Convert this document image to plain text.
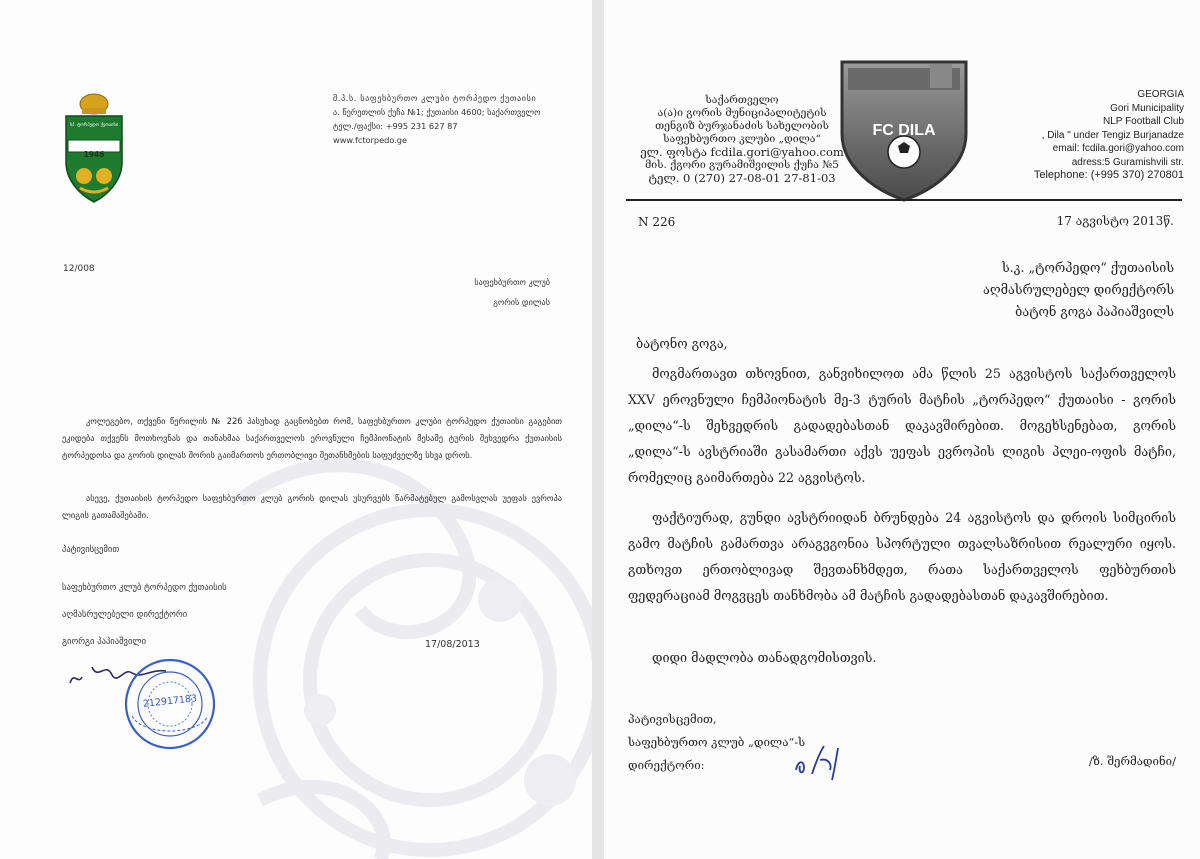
სპ. ტორპედო ქუთაისი
1946
შ.პ.ს. საფეხბურთო კლუბი ტორპედო ქუთაისი
ა. წერეთლის ქუჩა №1; ქუთაისი 4600; საქართველო
ტელ./ფაქსი: +995 231 627 87
www.fctorpedo.ge
12/008
საფეხბურთო კლუბ
გორის დილას
კოლეგებო, თქვენი წერილის № 226 პასუხად გაცნობებთ რომ, საფეხბურთო კლუბი ტორპედო ქუთაისი გაგებით ეკიდება თქვენს მოთხოვნას და თანახმაა საქართველოს ეროვნული ჩემპიონატის მესამე ტურის შეხვედრა ქუთაისის ტორპედოსა და გორის დილას შორის გაიმართოს ერთობლივი შეთანხმების საფუძველზე სხვა დროს.
ასევე, ქუთაისის ტორპედო საფეხბურთო კლუბ გორის დილას უსურვებს წარმატებულ გამოსვლას უეფას ევროპა ლიგის გათამაშებაში.
პატივისცემით
საფეხბურთო კლუბ ტორპედო ქუთაისის
აღმასრულებელი დირექტორი
გიორგი პაპიაშვილი	17/08/2013
212917183
საქართველო
ა(ა)ი გორის მუნიციპალიტეტის
თენგიზ ბურჯანაძის სახელობის
საფეხბურთო კლუბი „დილა“
ელ. ფოსტა fcdila.gori@yahoo.com
მის. ქგორი გურამიშვილის ქუჩა №5
ტელ. 0 (270) 27-08-01 27-81-03
FC DILA
GEORGIA
Gori Municipality
NLP Football Club
, Dila " under Tengiz Burjanadze
email: fcdila.gori@yahoo.com
adress:5 Guramishvili str.
Telephone: (+995 370) 270801
N 226	17 აგვისტო 2013წ.
ს.კ. „ტორპედო“ ქუთაისის
აღმასრულებელ დირექტორს
ბატონ გოგა პაპიაშვილს
ბატონო გოგა,
მოგმართავთ თხოვნით, განვიხილოთ ამა წლის 25 აგვისტოს საქართველოს XXV ეროვნული ჩემპიონატის მე-3 ტურის მატჩის „ტორპედო“ ქუთაისი - გორის „დილა“-ს შეხვედრის გადადებასთან დაკავშირებით. მოგეხსენებათ, გორის „დილა“-ს ავსტრიაში გასამართი აქვს უეფას ევროპის ლიგის პლეი-ოფის მატჩი, რომელიც გაიმართება 22 აგვისტოს.
ფაქტიურად, გუნდი ავსტრიიდან ბრუნდება 24 აგვისტოს და დროის სიმცირის გამო მატჩის გამართვა არაგვგონია სპორტული თვალსაზრისით რეალური იყოს. გთხოვთ ერთობლივად შევთანხმდეთ, რათა საქართველოს ფეხბურთის ფედერაციამ მოგვცეს თანხმობა ამ მატჩის გადადებასთან დაკავშირებით.
დიდი მადლობა თანადგომისთვის.
პატივისცემით,
საფეხბურთო კლუბ „დილა“-ს
დირექტორი:	/ზ. შერმადინი/
